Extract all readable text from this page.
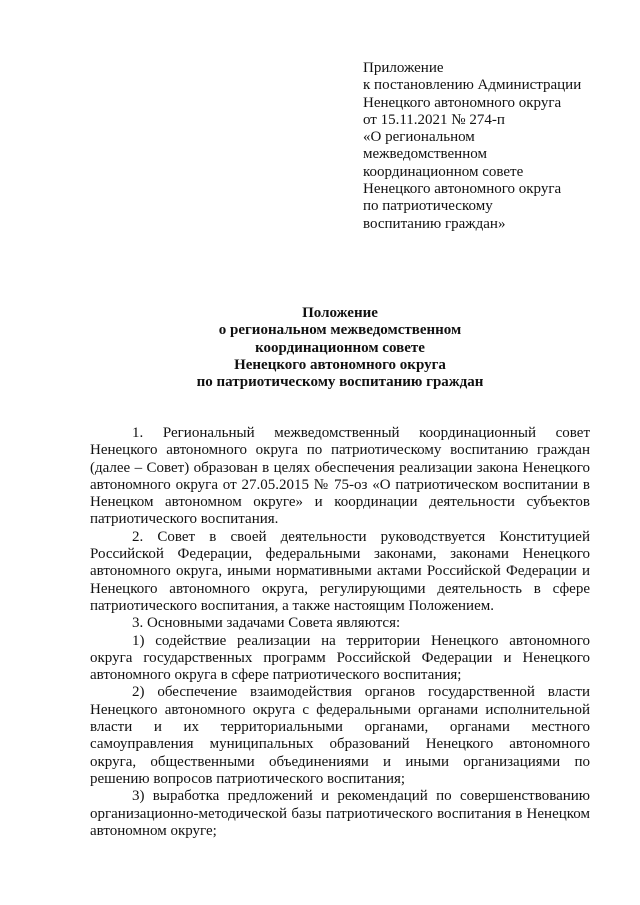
Приложение
к постановлению Администрации
Ненецкого автономного округа
от 15.11.2021 № 274-п
«О региональном
межведомственном
координационном совете
Ненецкого автономного округа
по патриотическому
воспитанию граждан»
Положение
о региональном межведомственном
координационном совете
Ненецкого автономного округа
по патриотическому воспитанию граждан

1. Региональный межведомственный координационный совет Ненецкого автономного округа по патриотическому воспитанию граждан (далее – Совет) образован в целях обеспечения реализации закона Ненецкого автономного округа от 27.05.2015 № 75-оз «О патриотическом воспитании в Ненецком автономном округе» и координации деятельности субъектов патриотического воспитания.

2. Совет в своей деятельности руководствуется Конституцией Российской Федерации, федеральными законами, законами Ненецкого автономного округа, иными нормативными актами Российской Федерации и Ненецкого автономного округа, регулирующими деятельность в сфере патриотического воспитания, а также настоящим Положением.

3. Основными задачами Совета являются:

1) содействие реализации на территории Ненецкого автономного округа государственных программ Российской Федерации и Ненецкого автономного округа в сфере патриотического воспитания;

2) обеспечение взаимодействия органов государственной власти Ненецкого автономного округа с федеральными органами исполнительной власти и их территориальными органами, органами местного самоуправления муниципальных образований Ненецкого автономного округа, общественными объединениями и иными организациями по решению вопросов патриотического воспитания;

3) выработка предложений и рекомендаций по совершенствованию организационно-методической базы патриотического воспитания в Ненецком автономном округе;
